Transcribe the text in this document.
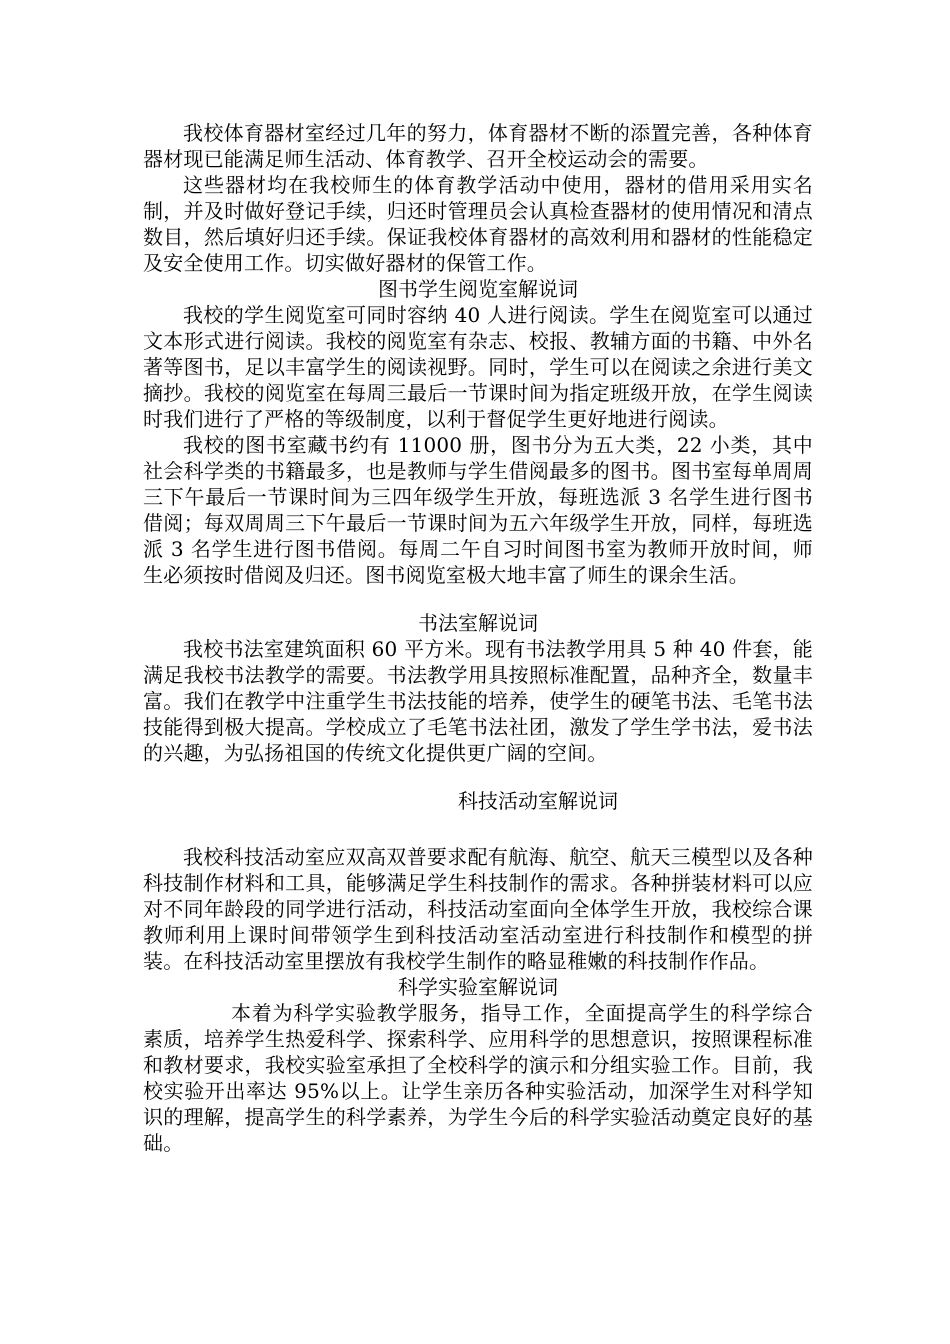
我校体育器材室经过几年的努力，体育器材不断的添置完善，各种体育器材现已能满足师生活动、体育教学、召开全校运动会的需要。

这些器材均在我校师生的体育教学活动中使用，器材的借用采用实名制，并及时做好登记手续，归还时管理员会认真检查器材的使用情况和清点数目，然后填好归还手续。保证我校体育器材的高效利用和器材的性能稳定及安全使用工作。切实做好器材的保管工作。

图书学生阅览室解说词

我校的学生阅览室可同时容纳 40 人进行阅读。学生在阅览室可以通过文本形式进行阅读。我校的阅览室有杂志、校报、教辅方面的书籍、中外名著等图书，足以丰富学生的阅读视野。同时，学生可以在阅读之余进行美文摘抄。我校的阅览室在每周三最后一节课时间为指定班级开放，在学生阅读时我们进行了严格的等级制度，以利于督促学生更好地进行阅读。

我校的图书室藏书约有 11000 册，图书分为五大类，22 小类，其中社会科学类的书籍最多，也是教师与学生借阅最多的图书。图书室每单周周三下午最后一节课时间为三四年级学生开放，每班选派 3 名学生进行图书借阅；每双周周三下午最后一节课时间为五六年级学生开放，同样，每班选派 3 名学生进行图书借阅。每周二午自习时间图书室为教师开放时间，师生必须按时借阅及归还。图书阅览室极大地丰富了师生的课余生活。

书法室解说词

我校书法室建筑面积 60 平方米。现有书法教学用具 5 种 40 件套，能满足我校书法教学的需要。书法教学用具按照标准配置，品种齐全，数量丰富。我们在教学中注重学生书法技能的培养，使学生的硬笔书法、毛笔书法技能得到极大提高。学校成立了毛笔书法社团，激发了学生学书法，爱书法的兴趣，为弘扬祖国的传统文化提供更广阔的空间。

科技活动室解说词

我校科技活动室应双高双普要求配有航海、航空、航天三模型以及各种科技制作材料和工具，能够满足学生科技制作的需求。各种拼装材料可以应对不同年龄段的同学进行活动，科技活动室面向全体学生开放，我校综合课教师利用上课时间带领学生到科技活动室活动室进行科技制作和模型的拼装。在科技活动室里摆放有我校学生制作的略显稚嫩的科技制作作品。

科学实验室解说词

本着为科学实验教学服务，指导工作，全面提高学生的科学综合素质，培养学生热爱科学、探索科学、应用科学的思想意识，按照课程标准和教材要求，我校实验室承担了全校科学的演示和分组实验工作。目前，我校实验开出率达 95%以上。让学生亲历各种实验活动，加深学生对科学知识的理解，提高学生的科学素养，为学生今后的科学实验活动奠定良好的基础。
